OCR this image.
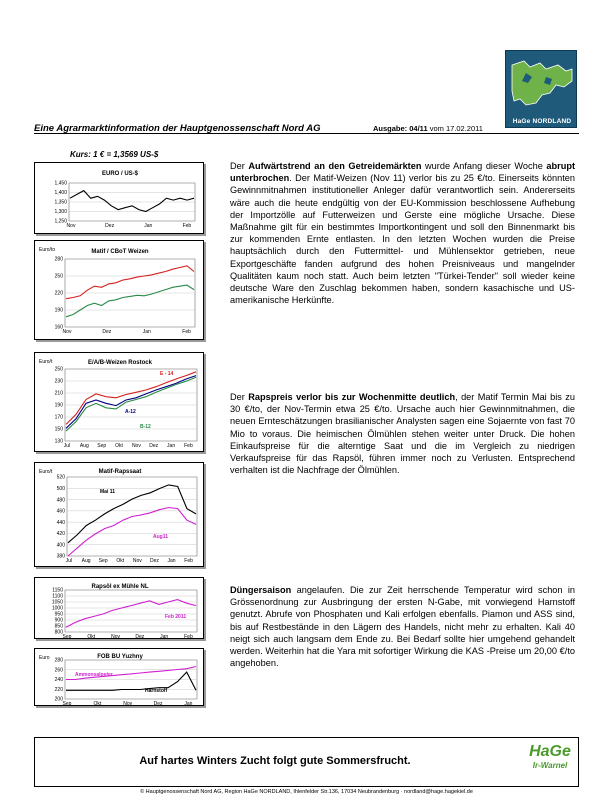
HaGe NORDLAND
Eine Agrarmarktinformation der Hauptgenossenschaft Nord AG	Ausgabe: 04/11 vom 17.02.2011
Kurs: 1 € = 1,3569 US-$
EURO / US-$
1,250
1,300
1,350
1,400
1,450
Nov	Dez	Jan	Feb
Matif / CBoT Weizen
Euro/to
160
190
220
250
280
Nov	Dez	Jan	Feb
E/A/B-Weizen Rostock
Euro/t
130
150
170
190
210
230
250
Jul Aug Sep Okt Nov Dez Jan Feb
E - 14
A-12
B-12
Matif-Rapssaat
Euro/t
380
400
420
440
460
480
500
520
Jul Aug Sep Okt Nov Dez Jan Feb
Mai 11
Aug11
Rapsöl ex Mühle NL
800
850
900
950
1000
1050
1100
1150
Sep	Okt	Nov	Dez	Jan	Feb
Feb 2011
FOB BU Yuzhny
Euro
200
220
240
260
280
Sep	Okt	Nov	Dez	Jan
Ammonsalpeter
Harnstoff
Der Aufwärtstrend an den Getreidemärkten wurde Anfang dieser Woche abrupt unterbrochen. Der Matif-Weizen (Nov 11) verlor bis zu 25 €/to. Einerseits könnten Gewinnmitnahmen institutioneller Anleger dafür verantwortlich sein. Andererseits wäre auch die heute endgültig von der EU-Kommission beschlossene Aufhebung der Importzölle auf Futterweizen und Gerste eine mögliche Ursache. Diese Maßnahme gilt für ein bestimmtes Importkontingent und soll den Binnenmarkt bis zur kommenden Ernte entlasten. In den letzten Wochen wurden die Preise hauptsächlich durch den Futtermittel- und Mühlensektor getrieben, neue Exportgeschäfte fanden aufgrund des hohen Preisniveaus und mangelnder Qualitäten kaum noch statt. Auch beim letzten "Türkei-Tender" soll wieder keine deutsche Ware den Zuschlag bekommen haben, sondern kasachische und US-amerikanische Herkünfte.
Der Rapspreis verlor bis zur Wochenmitte deutlich, der Matif Termin Mai bis zu 30 €/to, der Nov-Termin etwa 25 €/to. Ursache auch hier Gewinnmitnahmen, die neuen Ernteschätzungen brasilianischer Analysten sagen eine Sojaernte von fast 70 Mio to voraus. Die heimischen Ölmühlen stehen weiter unter Druck. Die hohen Einkaufspreise für die alterntige Saat und die im Vergleich zu niedrigen Verkaufspreise für das Rapsöl, führen immer noch zu Verlusten. Entsprechend verhalten ist die Nachfrage der Ölmühlen.
Düngersaison angelaufen. Die zur Zeit herrschende Temperatur wird schon in Grössenordnung zur Ausbringung der ersten N-Gabe, mit vorwiegend Harnstoff genutzt. Abrufe von Phosphaten und Kali erfolgen ebenfalls. Piamon und ASS sind, bis auf Restbestände in den Lägern des Handels, nicht mehr zu erhalten. Kali 40 neigt sich auch langsam dem Ende zu. Bei Bedarf sollte hier umgehend gehandelt werden. Weiterhin hat die Yara mit sofortiger Wirkung die KAS -Preise um 20,00 €/to angehoben.
Auf hartes Winters Zucht folgt gute Sommersfrucht.
HaGe
Ir-Warnel
© Hauptgenossenschaft Nord AG, Region HaGe NORDLAND, Ihlenfelder Str.136, 17034 Neubrandenburg · nordland@hage.hagekiel.de
